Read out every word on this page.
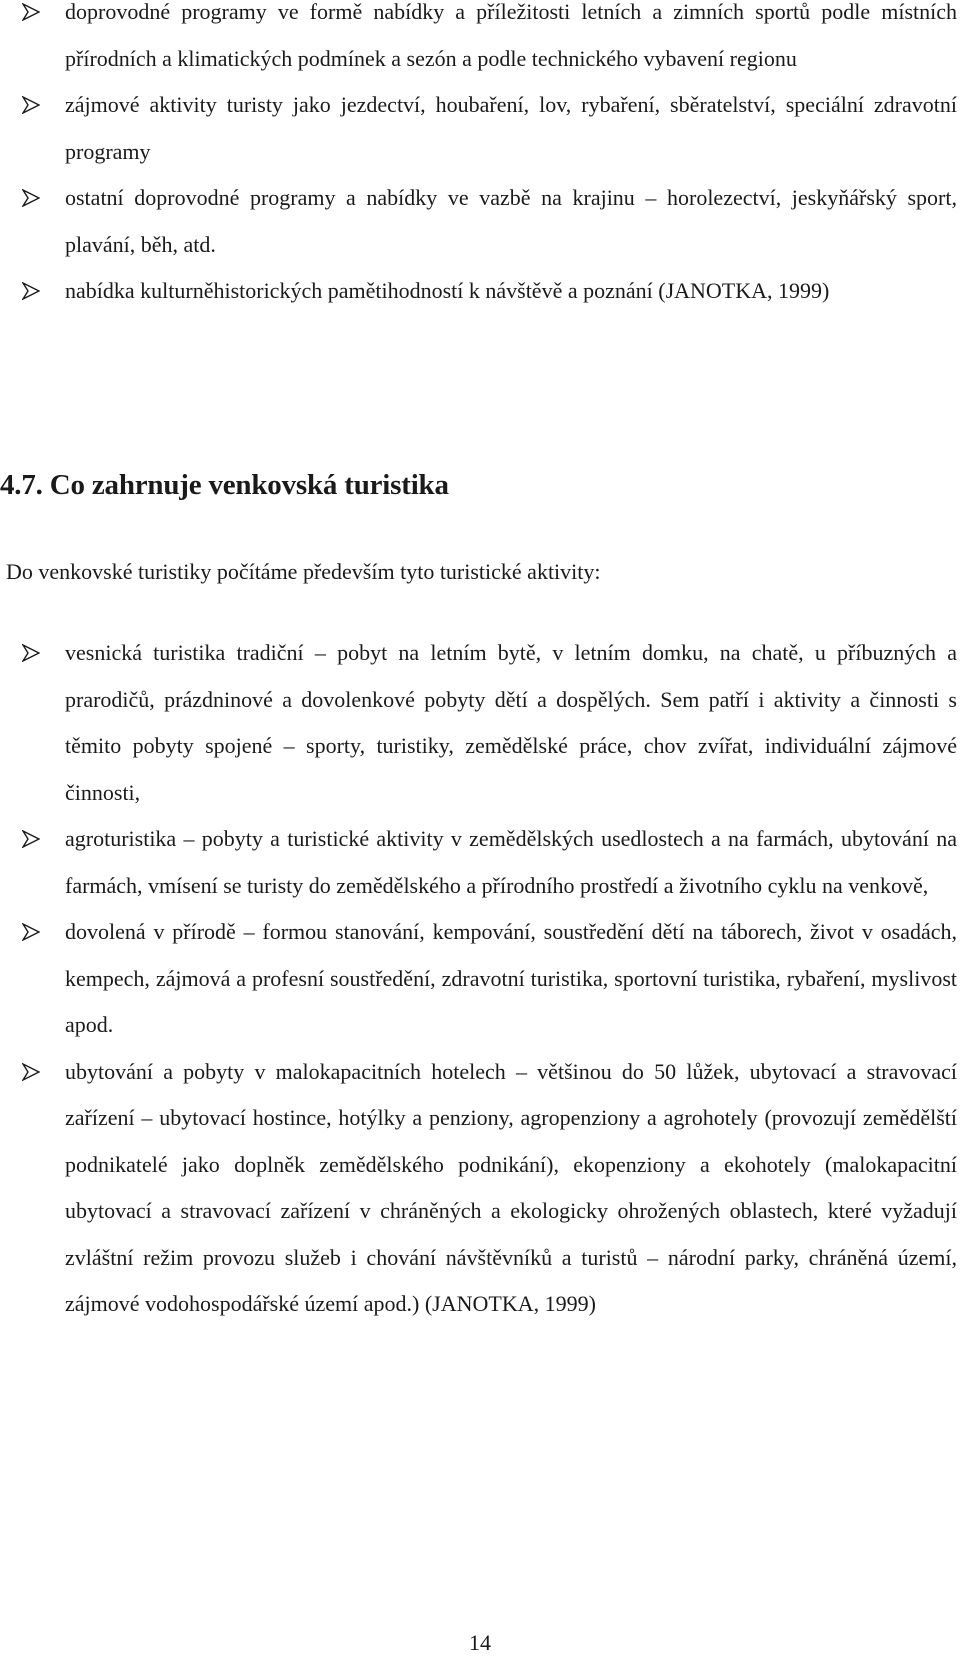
doprovodné programy ve formě nabídky a příležitosti letních a zimních sportů podle místních přírodních a klimatických podmínek a sezón a podle technického vybavení regionu
zájmové aktivity turisty jako jezdectví, houbaření, lov, rybaření, sběratelství, speciální zdravotní programy
ostatní doprovodné programy a nabídky ve vazbě na krajinu – horolezectví, jeskyňářský sport, plavání, běh, atd.
nabídka kulturněhistorických pamětihodností k návštěvě a poznání (JANOTKA, 1999)
4.7. Co zahrnuje venkovská turistika

Do venkovské turistiky počítáme především tyto turistické aktivity:

vesnická turistika tradiční – pobyt na letním bytě, v letním domku, na chatě, u příbuzných a prarodičů, prázdninové a dovolenkové pobyty dětí a dospělých. Sem patří i aktivity a činnosti s těmito pobyty spojené – sporty, turistiky, zemědělské práce, chov zvířat, individuální zájmové činnosti,
agroturistika – pobyty a turistické aktivity v zemědělských usedlostech a na farmách, ubytování na farmách, vmísení se turisty do zemědělského a přírodního prostředí a životního cyklu na venkově,
dovolená v přírodě – formou stanování, kempování, soustředění dětí na táborech, život v osadách, kempech, zájmová a profesní soustředění, zdravotní turistika, sportovní turistika, rybaření, myslivost apod.
ubytování a pobyty v malokapacitních hotelech – většinou do 50 lůžek, ubytovací a stravovací zařízení – ubytovací hostince, hotýlky a penziony, agropenziony a agrohotely (provozují zemědělští podnikatelé jako doplněk zemědělského podnikání), ekopenziony a ekohotely (malokapacitní ubytovací a stravovací zařízení v chráněných a ekologicky ohrožených oblastech, které vyžadují zvláštní režim provozu služeb i chování návštěvníků a turistů – národní parky, chráněná území, zájmové vodohospodářské území apod.) (JANOTKA, 1999)
14
